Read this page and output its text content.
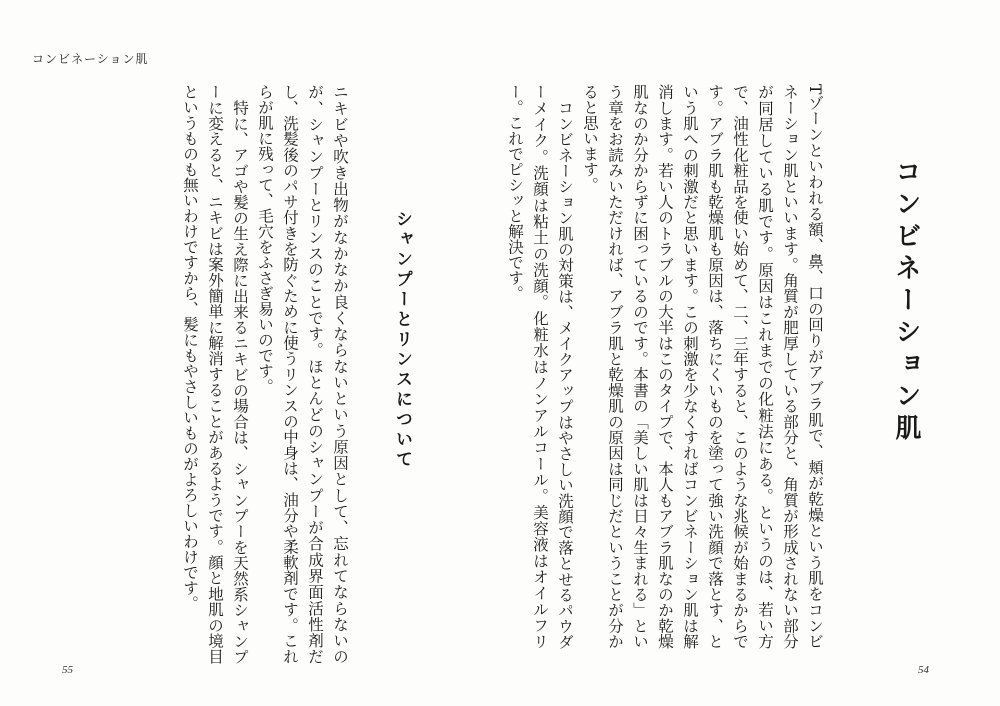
コンビネーション肌
コンビネーション肌

Tゾーンといわれる額、鼻、口の回りがアブラ肌で、頬が乾燥という肌をコンビネーション肌といいます。角質が肥厚している部分と、角質が形成されない部分が同居している肌です。原因はこれまでの化粧法にある。というのは、若い方で、油性化粧品を使い始めて、二、三年すると、このような兆候が始まるからです。アブラ肌も乾燥肌も原因は、落ちにくいものを塗って強い洗顔で落とす、という肌への刺激だと思います。この刺激を少なくすればコンビネーション肌は解消します。若い人のトラブルの大半はこのタイプで、本人もアブラ肌なのか乾燥肌なのか分からずに困っているのです。本書の「美しい肌は日々生まれる」という章をお読みいただければ、アブラ肌と乾燥肌の原因は同じだということが分かると思います。

コンビネーション肌の対策は、メイクアップはやさしい洗顔で落とせるパウダーメイク。洗顔は粘土の洗顔。化粧水はノンアルコール。美容液はオイルフリー。これでピシッと解決です。

シャンプーとリンスについて

ニキビや吹き出物がなかなか良くならないという原因として、忘れてならないのが、シャンプーとリンスのことです。ほとんどのシャンプーが合成界面活性剤だし、洗髪後のパサ付きを防ぐために使うリンスの中身は、油分や柔軟剤です。これらが肌に残って、毛穴をふさぎ易いのです。

特に、アゴや髪の生え際に出来るニキビの場合は、シャンプーを天然系シャンプーに変えると、ニキビは案外簡単に解消することがあるようです。顔と地肌の境目というものも無いわけですから、髪にもやさしいものがよろしいわけです。

55	54
